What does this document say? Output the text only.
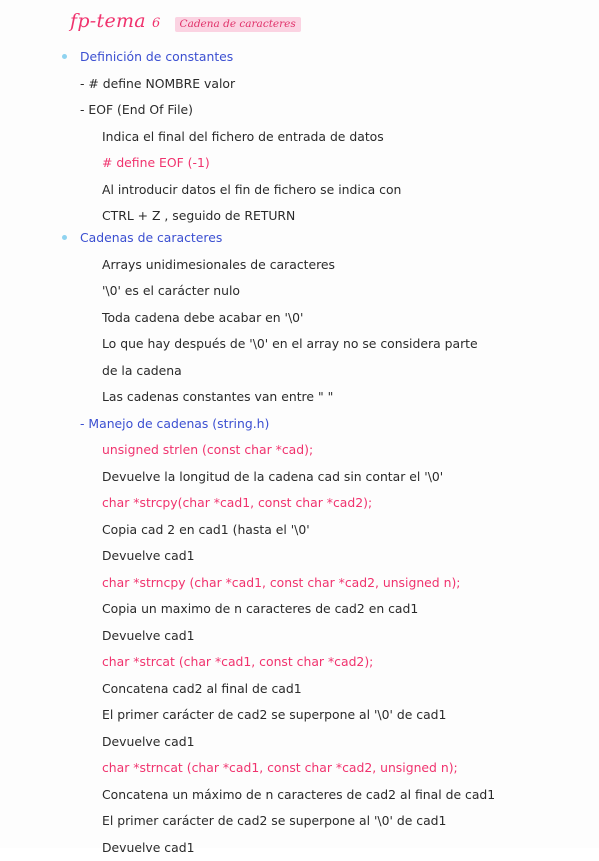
fp-tema 6	Cadena de caracteres
Definición de constantes
- # define NOMBRE valor
- EOF (End Of File)
Indica el final del fichero de entrada de datos
# define EOF (-1)
Al introducir datos el fin de fichero se indica con
CTRL + Z , seguido de RETURN
Cadenas de caracteres
Arrays unidimesionales de caracteres
'\0' es el carácter nulo
Toda cadena debe acabar en '\0'
Lo que hay después de '\0' en el array no se considera parte
de la cadena
Las cadenas constantes van entre " "
- Manejo de cadenas (string.h)
unsigned strlen (const char *cad);
Devuelve la longitud de la cadena cad sin contar el '\0'
char *strcpy(char *cad1, const char *cad2);
Copia cad 2 en cad1 (hasta el '\0'
Devuelve cad1
char *strncpy (char *cad1, const char *cad2, unsigned n);
Copia un maximo de n caracteres de cad2 en cad1
Devuelve cad1
char *strcat (char *cad1, const char *cad2);
Concatena cad2 al final de cad1
El primer carácter de cad2 se superpone al '\0' de cad1
Devuelve cad1
char *strncat (char *cad1, const char *cad2, unsigned n);
Concatena un máximo de n caracteres de cad2 al final de cad1
El primer carácter de cad2 se superpone al '\0' de cad1
Devuelve cad1
